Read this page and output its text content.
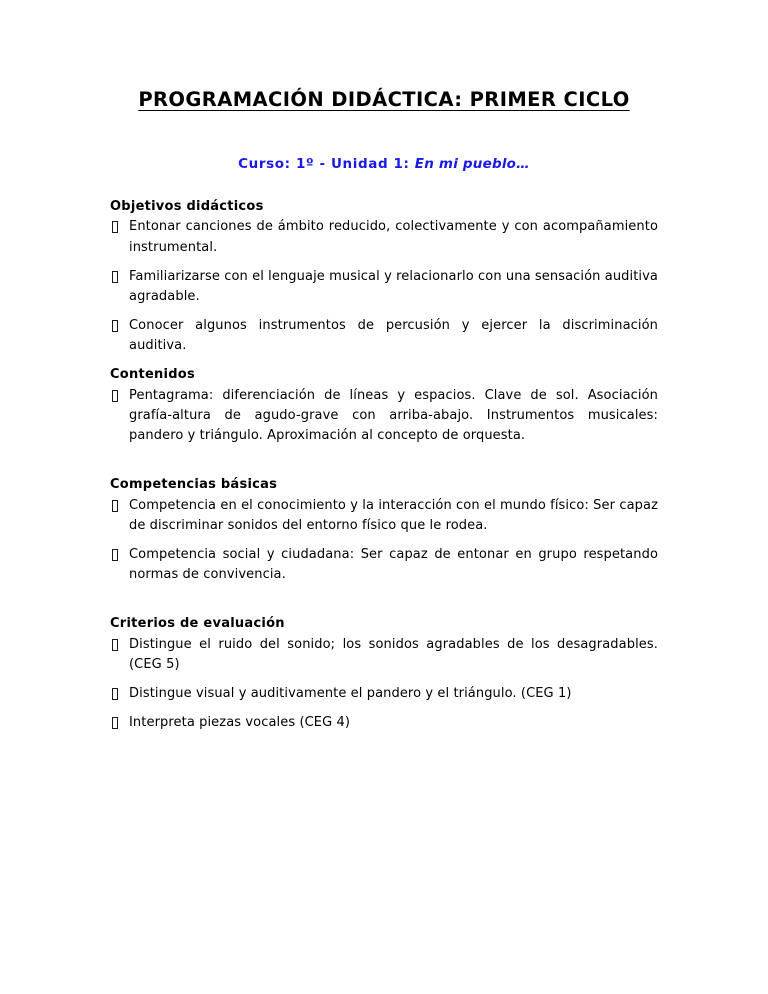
PROGRAMACIÓN DIDÁCTICA: PRIMER CICLO

Curso: 1º - Unidad 1: En mi pueblo…

Objetivos didácticos
Entonar canciones de ámbito reducido, colectivamente y con acompañamiento instrumental.
Familiarizarse con el lenguaje musical y relacionarlo con una sensación auditiva agradable.
Conocer algunos instrumentos de percusión y ejercer la discriminación auditiva.
Contenidos
Pentagrama: diferenciación de líneas y espacios. Clave de sol. Asociación grafía-altura de agudo-grave con arriba-abajo. Instrumentos musicales: pandero y triángulo. Aproximación al concepto de orquesta.
Competencias básicas
Competencia en el conocimiento y la interacción con el mundo físico: Ser capaz de discriminar sonidos del entorno físico que le rodea.
Competencia social y ciudadana: Ser capaz de entonar en grupo respetando normas de convivencia.
Criterios de evaluación
Distingue el ruido del sonido; los sonidos agradables de los desagradables. (CEG 5)
Distingue visual y auditivamente el pandero y el triángulo. (CEG 1)
Interpreta piezas vocales (CEG 4)
